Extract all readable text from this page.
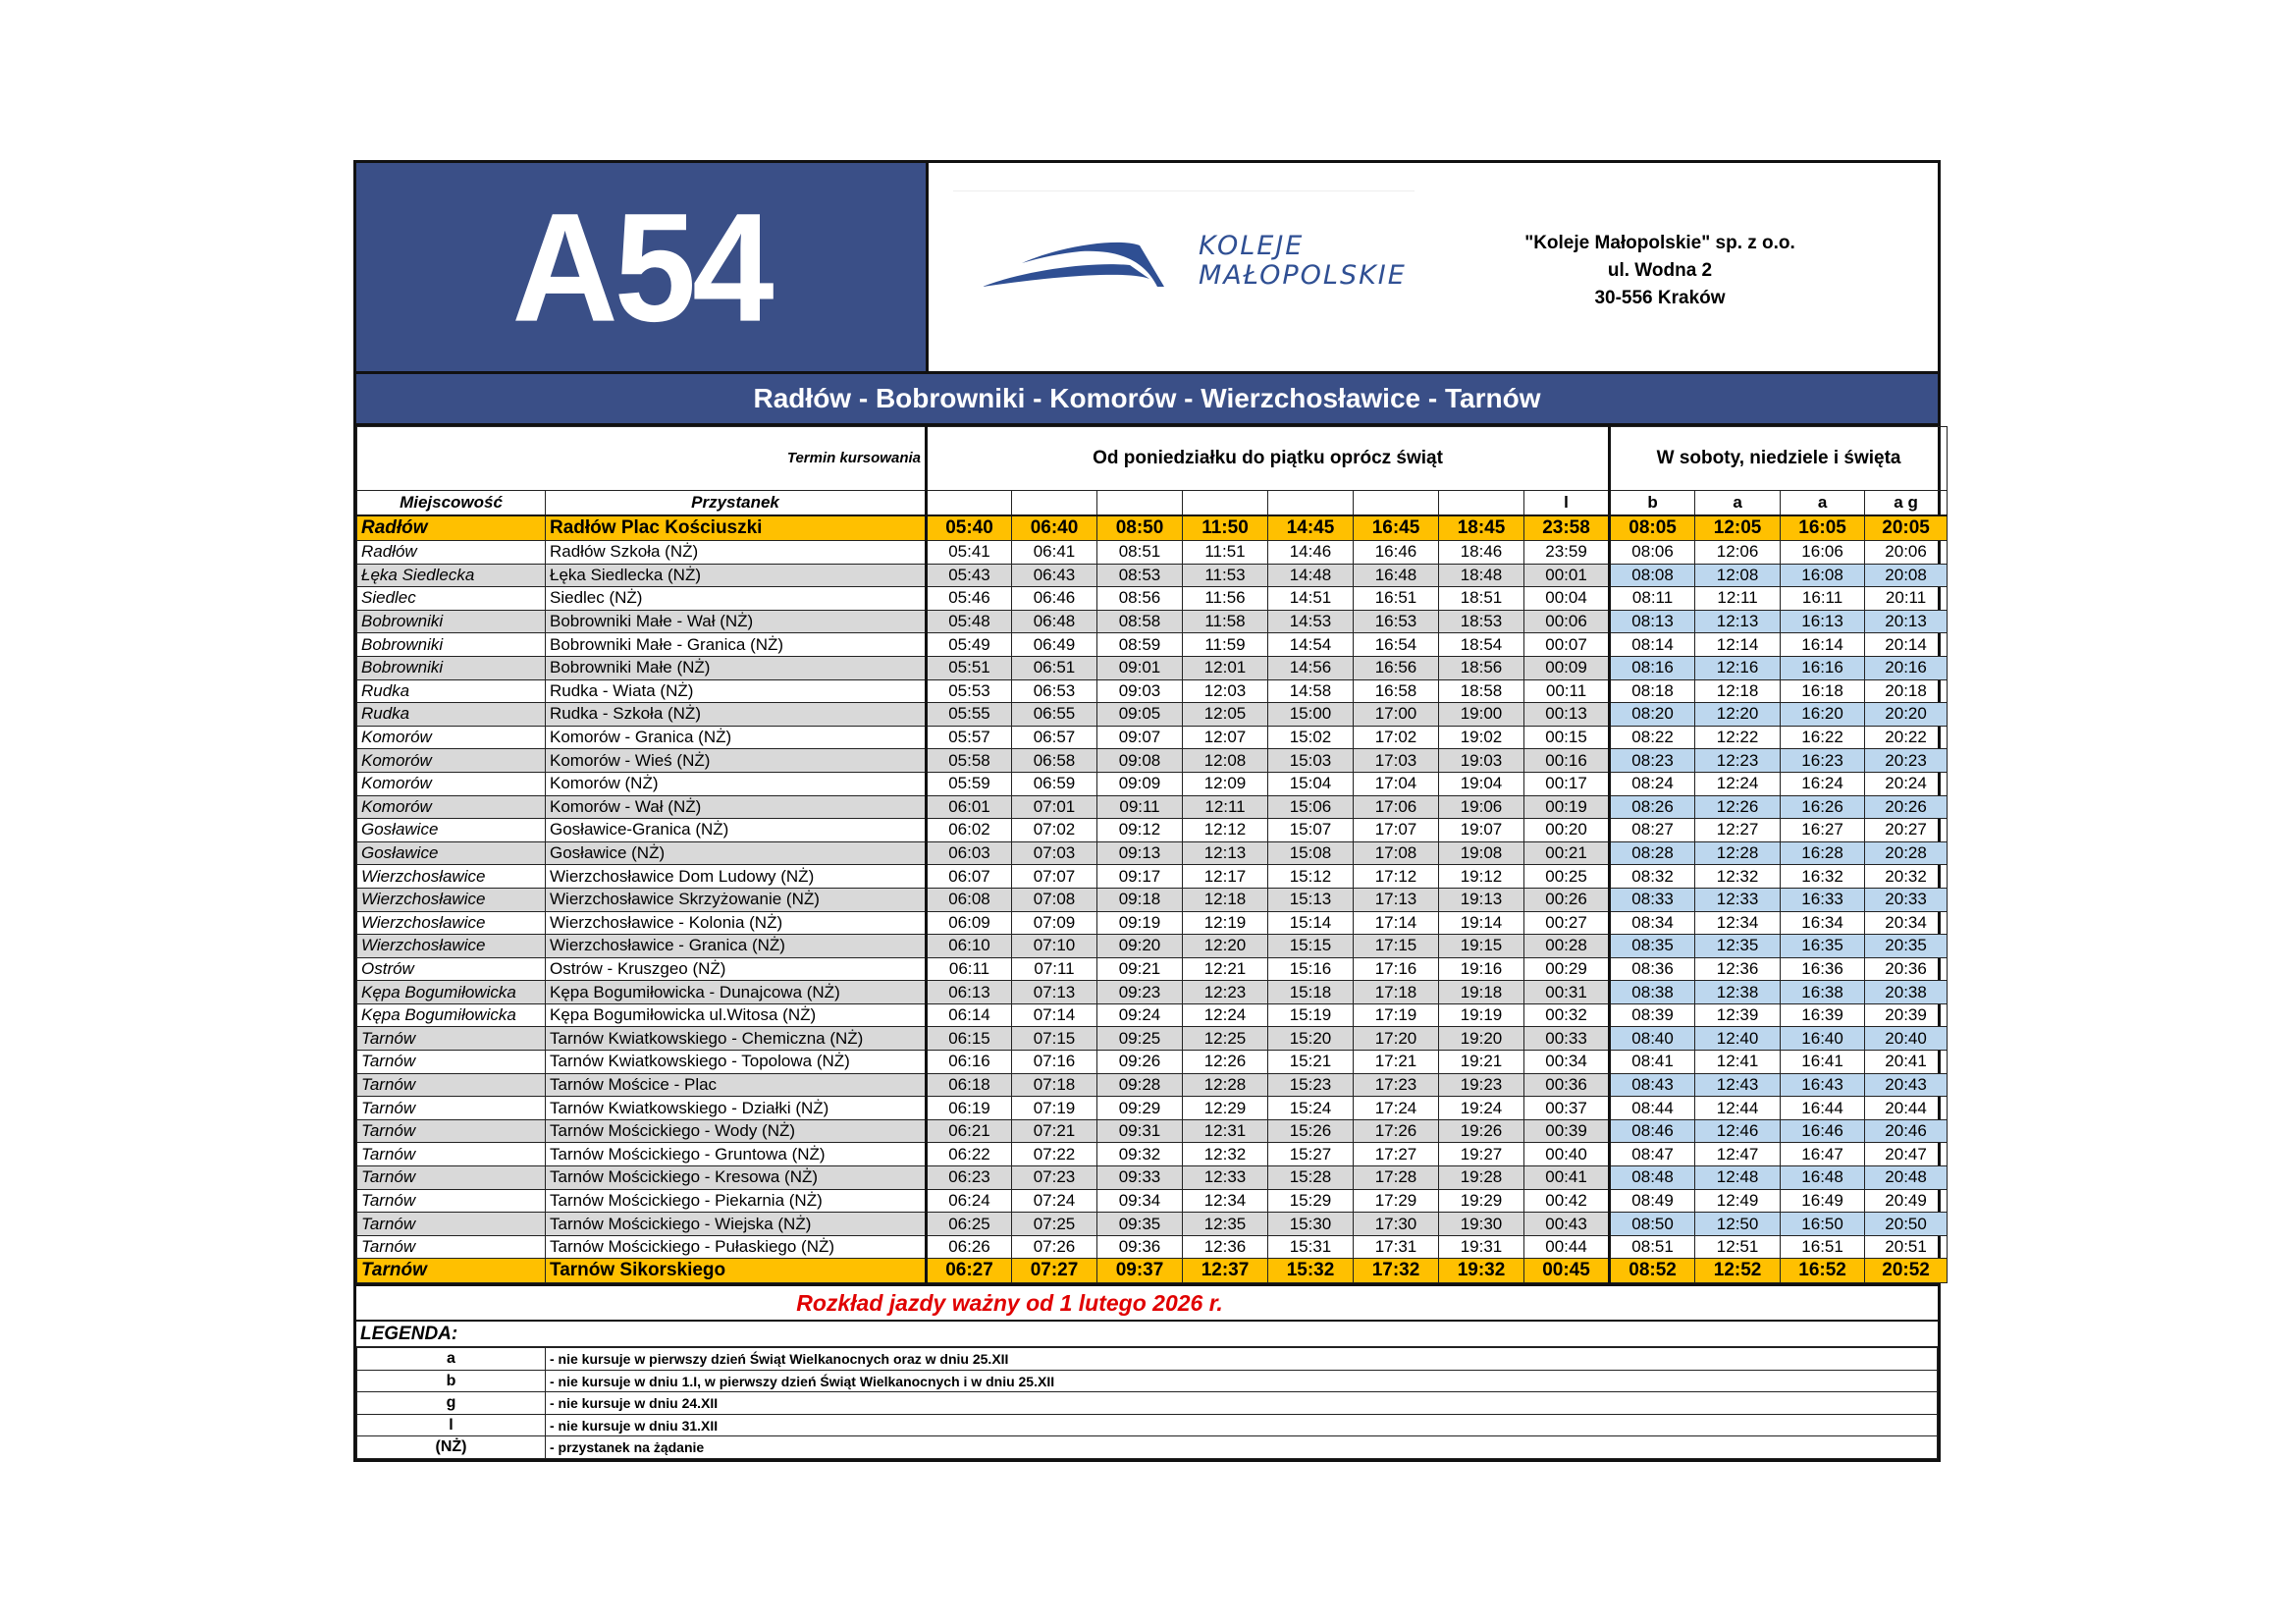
A54	KOLEJE
MAŁOPOLSKIE
"Koleje Małopolskie" sp. z o.o.
ul. Wodna 2
30-556 Kraków
Radłów - Bobrowniki - Komorów - Wierzchosławice - Tarnów
Termin kursowania		Od poniedziałku do piątku oprócz świąt								W soboty, niedziele i święta			
Miejscowość	Przystanek								l	b	a	a	a g
Radłów	Radłów Plac Kościuszki	05:40	06:40	08:50	11:50	14:45	16:45	18:45	23:58	08:05	12:05	16:05	20:05
Radłów	Radłów Szkoła (NŻ)	05:41	06:41	08:51	11:51	14:46	16:46	18:46	23:59	08:06	12:06	16:06	20:06
Łęka Siedlecka	Łęka Siedlecka (NŻ)	05:43	06:43	08:53	11:53	14:48	16:48	18:48	00:01	08:08	12:08	16:08	20:08
Siedlec	Siedlec (NŻ)	05:46	06:46	08:56	11:56	14:51	16:51	18:51	00:04	08:11	12:11	16:11	20:11
Bobrowniki	Bobrowniki Małe - Wał (NŻ)	05:48	06:48	08:58	11:58	14:53	16:53	18:53	00:06	08:13	12:13	16:13	20:13
Bobrowniki	Bobrowniki Małe - Granica (NŻ)	05:49	06:49	08:59	11:59	14:54	16:54	18:54	00:07	08:14	12:14	16:14	20:14
Bobrowniki	Bobrowniki Małe (NŻ)	05:51	06:51	09:01	12:01	14:56	16:56	18:56	00:09	08:16	12:16	16:16	20:16
Rudka	Rudka - Wiata (NŻ)	05:53	06:53	09:03	12:03	14:58	16:58	18:58	00:11	08:18	12:18	16:18	20:18
Rudka	Rudka - Szkoła (NŻ)	05:55	06:55	09:05	12:05	15:00	17:00	19:00	00:13	08:20	12:20	16:20	20:20
Komorów	Komorów - Granica (NŻ)	05:57	06:57	09:07	12:07	15:02	17:02	19:02	00:15	08:22	12:22	16:22	20:22
Komorów	Komorów - Wieś (NŻ)	05:58	06:58	09:08	12:08	15:03	17:03	19:03	00:16	08:23	12:23	16:23	20:23
Komorów	Komorów (NŻ)	05:59	06:59	09:09	12:09	15:04	17:04	19:04	00:17	08:24	12:24	16:24	20:24
Komorów	Komorów - Wał (NŻ)	06:01	07:01	09:11	12:11	15:06	17:06	19:06	00:19	08:26	12:26	16:26	20:26
Gosławice	Gosławice-Granica (NŻ)	06:02	07:02	09:12	12:12	15:07	17:07	19:07	00:20	08:27	12:27	16:27	20:27
Gosławice	Gosławice (NŻ)	06:03	07:03	09:13	12:13	15:08	17:08	19:08	00:21	08:28	12:28	16:28	20:28
Wierzchosławice	Wierzchosławice Dom Ludowy (NŻ)	06:07	07:07	09:17	12:17	15:12	17:12	19:12	00:25	08:32	12:32	16:32	20:32
Wierzchosławice	Wierzchosławice Skrzyżowanie (NŻ)	06:08	07:08	09:18	12:18	15:13	17:13	19:13	00:26	08:33	12:33	16:33	20:33
Wierzchosławice	Wierzchosławice - Kolonia (NŻ)	06:09	07:09	09:19	12:19	15:14	17:14	19:14	00:27	08:34	12:34	16:34	20:34
Wierzchosławice	Wierzchosławice - Granica (NŻ)	06:10	07:10	09:20	12:20	15:15	17:15	19:15	00:28	08:35	12:35	16:35	20:35
Ostrów	Ostrów - Kruszgeo (NŻ)	06:11	07:11	09:21	12:21	15:16	17:16	19:16	00:29	08:36	12:36	16:36	20:36
Kępa Bogumiłowicka	Kępa Bogumiłowicka - Dunajcowa (NŻ)	06:13	07:13	09:23	12:23	15:18	17:18	19:18	00:31	08:38	12:38	16:38	20:38
Kępa Bogumiłowicka	Kępa Bogumiłowicka ul.Witosa (NŻ)	06:14	07:14	09:24	12:24	15:19	17:19	19:19	00:32	08:39	12:39	16:39	20:39
Tarnów	Tarnów Kwiatkowskiego - Chemiczna (NŻ)	06:15	07:15	09:25	12:25	15:20	17:20	19:20	00:33	08:40	12:40	16:40	20:40
Tarnów	Tarnów Kwiatkowskiego - Topolowa (NŻ)	06:16	07:16	09:26	12:26	15:21	17:21	19:21	00:34	08:41	12:41	16:41	20:41
Tarnów	Tarnów Mościce - Plac	06:18	07:18	09:28	12:28	15:23	17:23	19:23	00:36	08:43	12:43	16:43	20:43
Tarnów	Tarnów Kwiatkowskiego - Działki (NŻ)	06:19	07:19	09:29	12:29	15:24	17:24	19:24	00:37	08:44	12:44	16:44	20:44
Tarnów	Tarnów Mościckiego - Wody (NŻ)	06:21	07:21	09:31	12:31	15:26	17:26	19:26	00:39	08:46	12:46	16:46	20:46
Tarnów	Tarnów Mościckiego - Gruntowa (NŻ)	06:22	07:22	09:32	12:32	15:27	17:27	19:27	00:40	08:47	12:47	16:47	20:47
Tarnów	Tarnów Mościckiego - Kresowa (NŻ)	06:23	07:23	09:33	12:33	15:28	17:28	19:28	00:41	08:48	12:48	16:48	20:48
Tarnów	Tarnów Mościckiego - Piekarnia (NŻ)	06:24	07:24	09:34	12:34	15:29	17:29	19:29	00:42	08:49	12:49	16:49	20:49
Tarnów	Tarnów Mościckiego - Wiejska (NŻ)	06:25	07:25	09:35	12:35	15:30	17:30	19:30	00:43	08:50	12:50	16:50	20:50
Tarnów	Tarnów Mościckiego - Pułaskiego (NŻ)	06:26	07:26	09:36	12:36	15:31	17:31	19:31	00:44	08:51	12:51	16:51	20:51
Tarnów	Tarnów Sikorskiego	06:27	07:27	09:37	12:37	15:32	17:32	19:32	00:45	08:52	12:52	16:52	20:52
Rozkład jazdy ważny od 1 lutego 2026 r.
LEGENDA:
a	- nie kursuje w pierwszy dzień Świąt Wielkanocnych oraz w dniu 25.XII
b	- nie kursuje w dniu 1.I, w pierwszy dzień Świąt Wielkanocnych i w dniu 25.XII
g	- nie kursuje w dniu 24.XII
l	- nie kursuje w dniu 31.XII
(NŻ)	- przystanek na żądanie
